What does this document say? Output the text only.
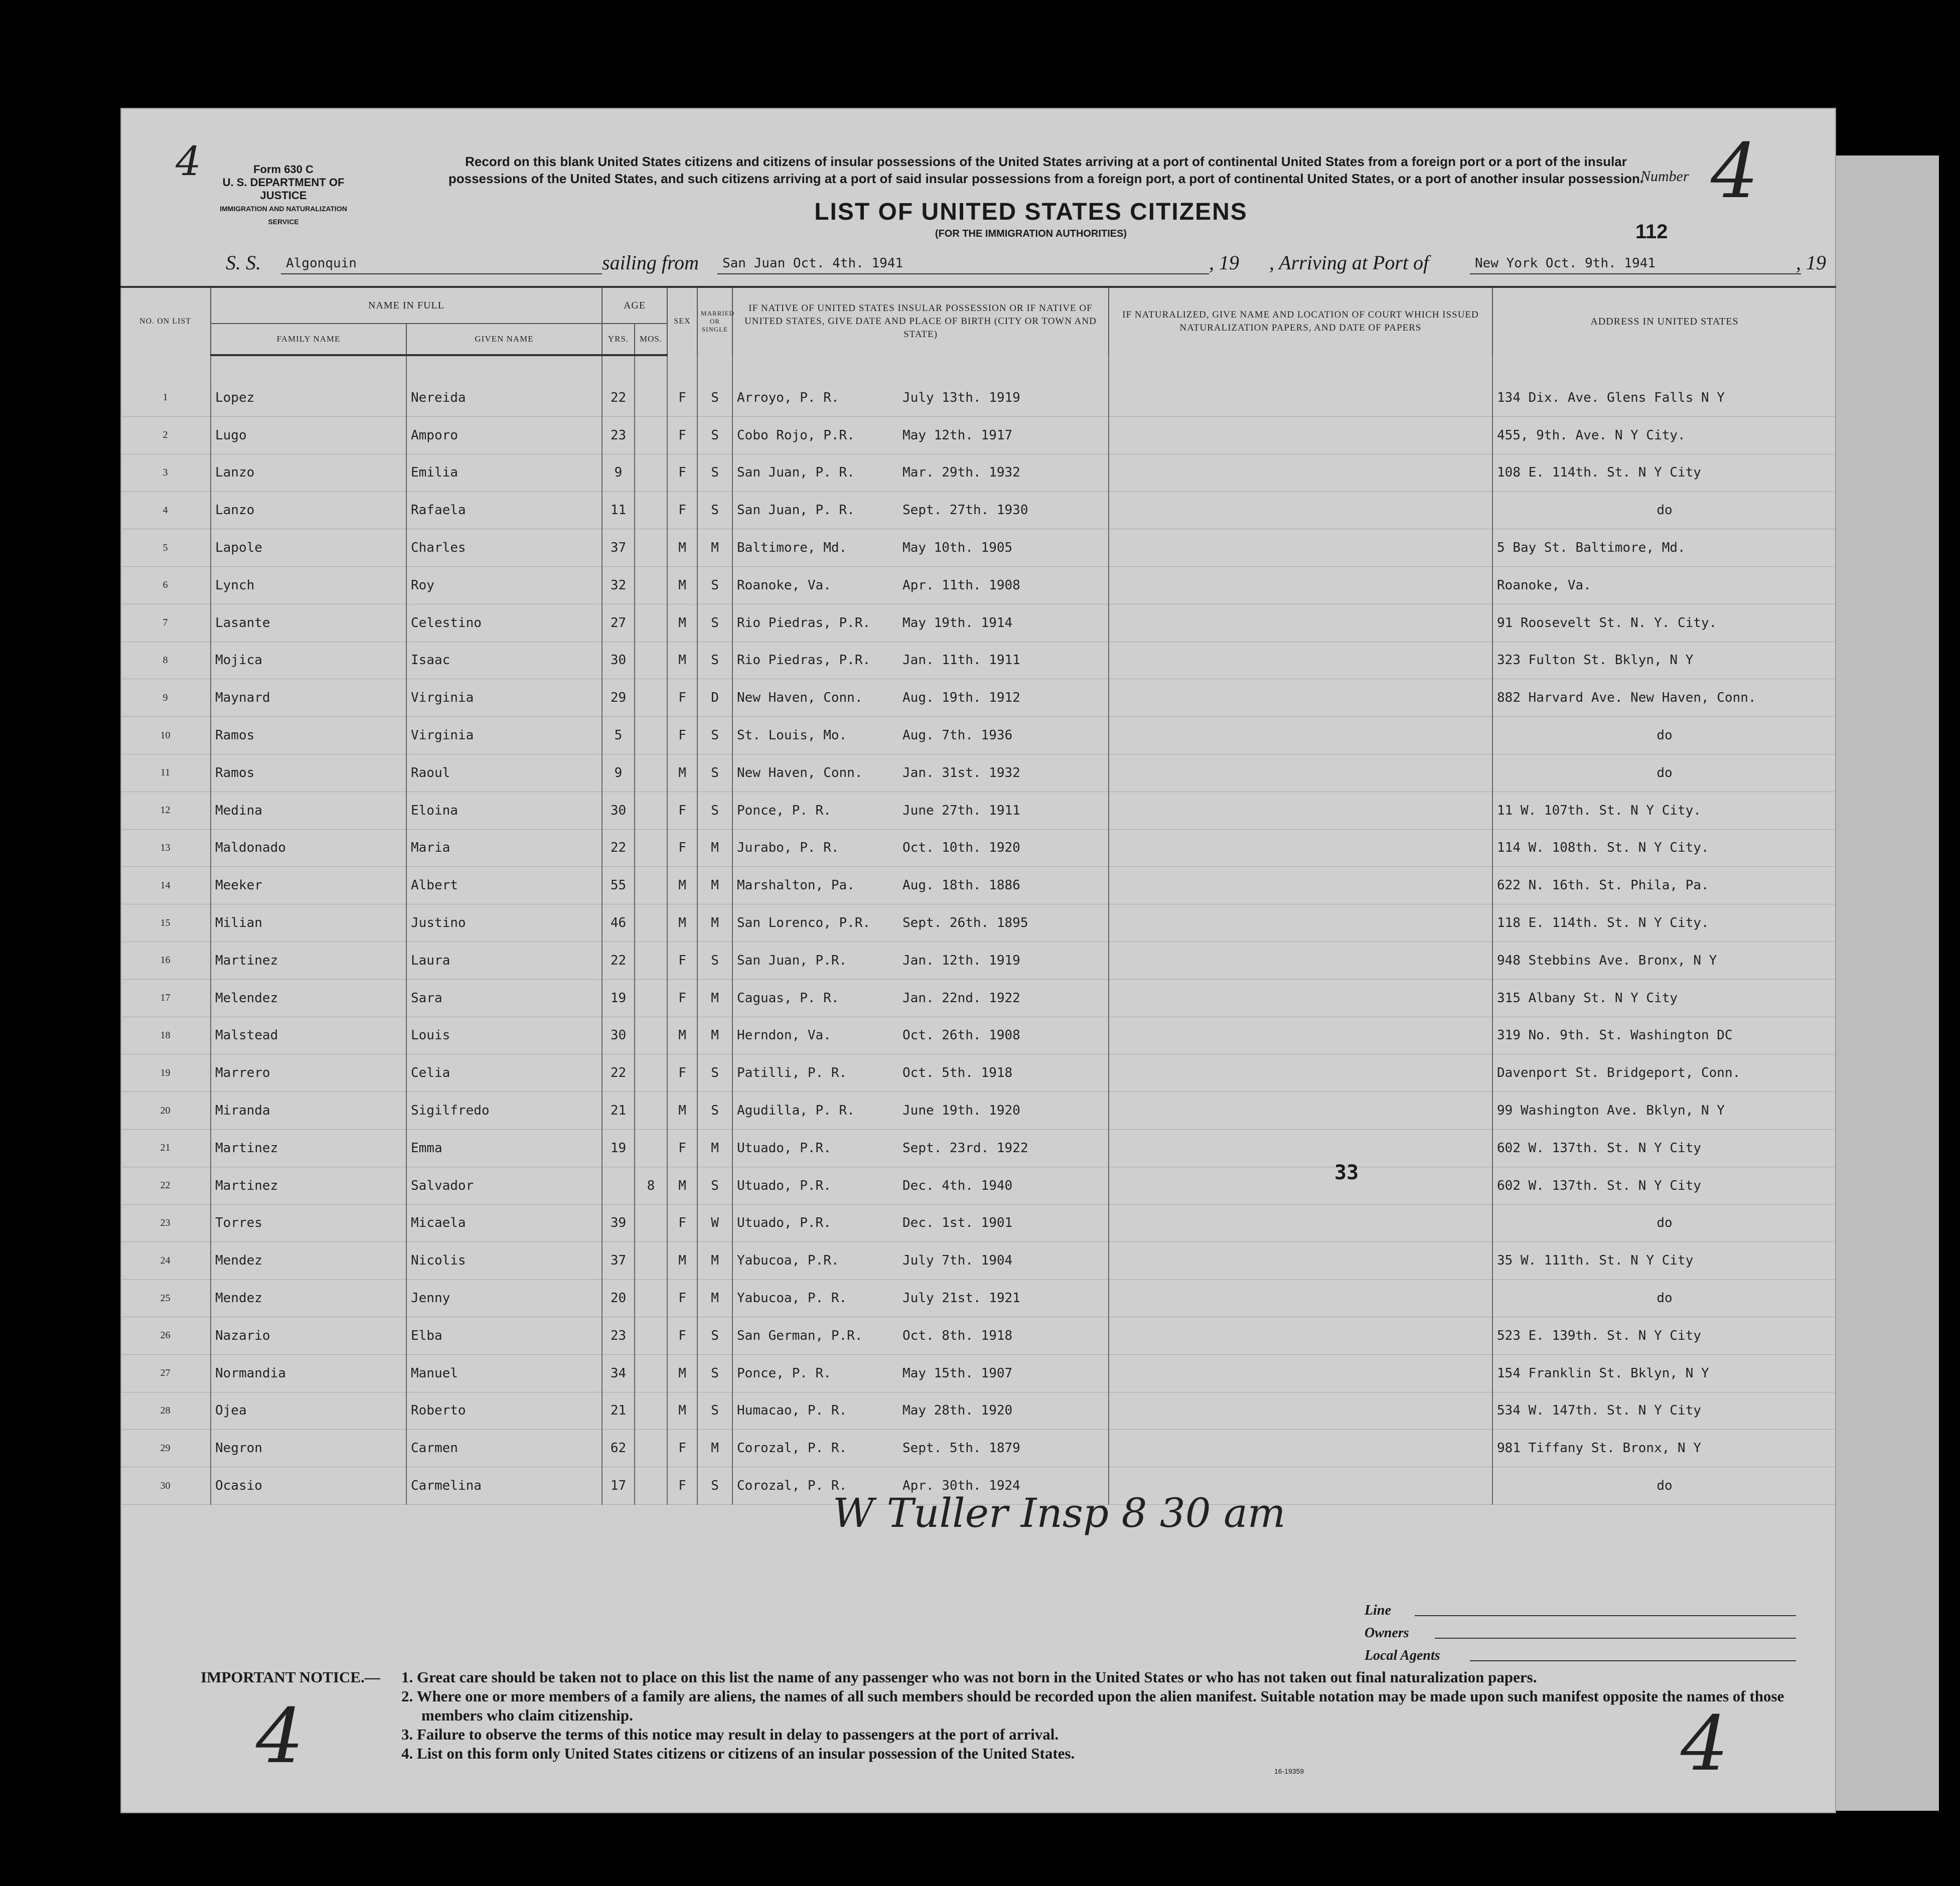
4	Form 630 C
U. S. DEPARTMENT OF JUSTICE
IMMIGRATION AND NATURALIZATION SERVICE
Record on this blank United States citizens and citizens of insular possessions of the United States arriving at a port of continental United States from a foreign port or a port of the insular possessions of the United States, and such citizens arriving at a port of said insular possessions from a foreign port, a port of continental United States, or a port of another insular possession.
Number 4
LIST OF UNITED STATES CITIZENS
(FOR THE IMMIGRATION AUTHORITIES)	112
S. S. Algonquin	sailing from San Juan Oct. 4th. 1941	, 19 , Arriving at Port of	New York Oct. 9th. 1941	, 19
NO. ON LIST	NAME IN FULL		AGE		SEX	MARRIED OR SINGLE	IF NATIVE OF UNITED STATES INSULAR POSSESSION OR IF NATIVE OF UNITED STATES, GIVE DATE AND PLACE OF BIRTH (CITY OR TOWN AND STATE)	IF NATURALIZED, GIVE NAME AND LOCATION OF COURT WHICH ISSUED NATURALIZATION PAPERS, AND DATE OF PAPERS	ADDRESS IN UNITED STATES
	FAMILY NAME	GIVEN NAME	YRS.	MOS.					

1	Lopez	Nereida	22		F	S	Arroyo, P. R. July 13th. 1919		134 Dix. Ave. Glens Falls N Y
2	Lugo	Amporo	23		F	S	Cobo Rojo, P.R. May 12th. 1917		455, 9th. Ave. N Y City.
3	Lanzo	Emilia	9		F	S	San Juan, P. R. Mar. 29th. 1932		108 E. 114th. St. N Y City
4	Lanzo	Rafaela	11		F	S	San Juan, P. R. Sept. 27th. 1930		do
5	Lapole	Charles	37		M	M	Baltimore, Md. May 10th. 1905		5 Bay St. Baltimore, Md.
6	Lynch	Roy	32		M	S	Roanoke, Va. Apr. 11th. 1908		Roanoke, Va.
7	Lasante	Celestino	27		M	S	Rio Piedras, P.R. May 19th. 1914		91 Roosevelt St. N. Y. City.
8	Mojica	Isaac	30		M	S	Rio Piedras, P.R. Jan. 11th. 1911		323 Fulton St. Bklyn, N Y
9	Maynard	Virginia	29		F	D	New Haven, Conn. Aug. 19th. 1912		882 Harvard Ave. New Haven, Conn.
10	Ramos	Virginia	5		F	S	St. Louis, Mo. Aug. 7th. 1936		do
11	Ramos	Raoul	9		M	S	New Haven, Conn. Jan. 31st. 1932		do
12	Medina	Eloina	30		F	S	Ponce, P. R. June 27th. 1911		11 W. 107th. St. N Y City.
13	Maldonado	Maria	22		F	M	Jurabo, P. R. Oct. 10th. 1920		114 W. 108th. St. N Y City.
14	Meeker	Albert	55		M	M	Marshalton, Pa. Aug. 18th. 1886		622 N. 16th. St. Phila, Pa.
15	Milian	Justino	46		M	M	San Lorenco, P.R. Sept. 26th. 1895		118 E. 114th. St. N Y City.
16	Martinez	Laura	22		F	S	San Juan, P.R. Jan. 12th. 1919		948 Stebbins Ave. Bronx, N Y
17	Melendez	Sara	19		F	M	Caguas, P. R. Jan. 22nd. 1922		315 Albany St. N Y City
18	Malstead	Louis	30		M	M	Herndon, Va. Oct. 26th. 1908		319 No. 9th. St. Washington DC
19	Marrero	Celia	22		F	S	Patilli, P. R. Oct. 5th. 1918		Davenport St. Bridgeport, Conn.
20	Miranda	Sigilfredo	21		M	S	Agudilla, P. R. June 19th. 1920		99 Washington Ave. Bklyn, N Y
21	Martinez	Emma	19		F	M	Utuado, P.R. Sept. 23rd. 1922		602 W. 137th. St. N Y City
22	Martinez	Salvador		8	M	S	Utuado, P.R. Dec. 4th. 1940		602 W. 137th. St. N Y City
23	Torres	Micaela	39		F	W	Utuado, P.R. Dec. 1st. 1901		do
24	Mendez	Nicolis	37		M	M	Yabucoa, P.R. July 7th. 1904		35 W. 111th. St. N Y City
25	Mendez	Jenny	20		F	M	Yabucoa, P. R. July 21st. 1921		do
26	Nazario	Elba	23		F	S	San German, P.R. Oct. 8th. 1918		523 E. 139th. St. N Y City
27	Normandia	Manuel	34		M	S	Ponce, P. R. May 15th. 1907		154 Franklin St. Bklyn, N Y
28	Ojea	Roberto	21		M	S	Humacao, P. R. May 28th. 1920		534 W. 147th. St. N Y City
29	Negron	Carmen	62		F	M	Corozal, P. R. Sept. 5th. 1879		981 Tiffany St. Bronx, N Y
30	Ocasio	Carmelina	17		F	S	Corozal, P. R. Apr. 30th. 1924		do
33
W Tuller Insp 8 30 am
Line
Owners
Local Agents
IMPORTANT NOTICE.—	1. Great care should be taken not to place on this list the name of any passenger who was not born in the United States or who has not taken out final naturalization papers.
2. Where one or more members of a family are aliens, the names of all such members should be recorded upon the alien manifest. Suitable notation may be made upon such manifest opposite the names of those members who claim citizenship.
3. Failure to observe the terms of this notice may result in delay to passengers at the port of arrival.
4. List on this form only United States citizens or citizens of an insular possession of the United States.
4	4
16-19359
